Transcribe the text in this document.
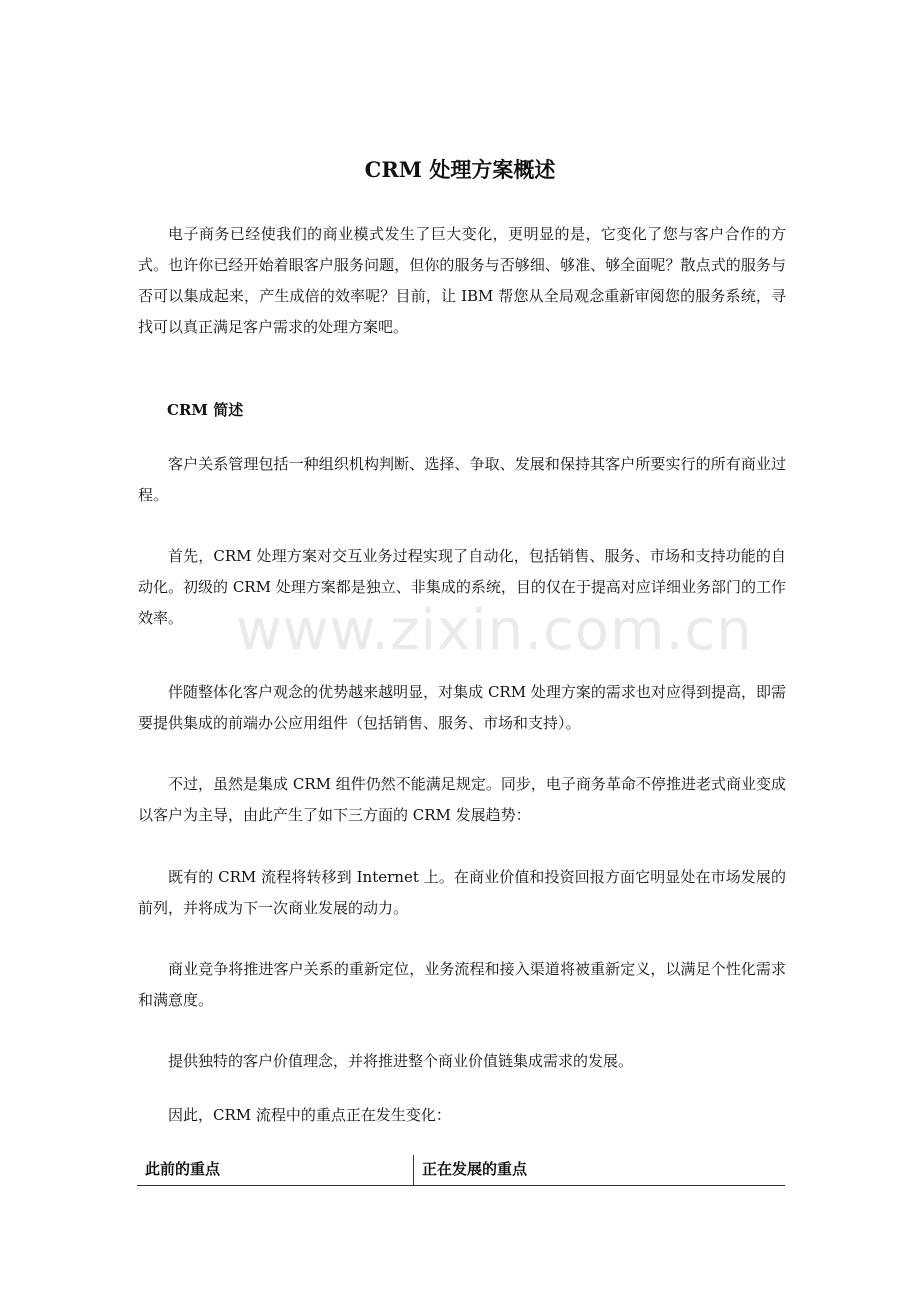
CRM 处理方案概述

电子商务已经使我们的商业模式发生了巨大变化，更明显的是，它变化了您与客户合作的方式。也许你已经开始着眼客户服务问题，但你的服务与否够细、够准、够全面呢？散点式的服务与否可以集成起来，产生成倍的效率呢？目前，让 IBM 帮您从全局观念重新审阅您的服务系统，寻找可以真正满足客户需求的处理方案吧。

CRM 简述

客户关系管理包括一种组织机构判断、选择、争取、发展和保持其客户所要实行的所有商业过程。

首先，CRM 处理方案对交互业务过程实现了自动化，包括销售、服务、市场和支持功能的自动化。初级的 CRM 处理方案都是独立、非集成的系统，目的仅在于提高对应详细业务部门的工作效率。

伴随整体化客户观念的优势越来越明显，对集成 CRM 处理方案的需求也对应得到提高，即需要提供集成的前端办公应用组件（包括销售、服务、市场和支持）。

不过，虽然是集成 CRM 组件仍然不能满足规定。同步，电子商务革命不停推进老式商业变成以客户为主导，由此产生了如下三方面的 CRM 发展趋势：

既有的 CRM 流程将转移到 Internet 上。在商业价值和投资回报方面它明显处在市场发展的前列，并将成为下一次商业发展的动力。

商业竞争将推进客户关系的重新定位，业务流程和接入渠道将被重新定义，以满足个性化需求和满意度。

提供独特的客户价值理念，并将推进整个商业价值链集成需求的发展。

因此，CRM 流程中的重点正在发生变化：

此前的重点	正在发展的重点
www.zixin.com.cn
